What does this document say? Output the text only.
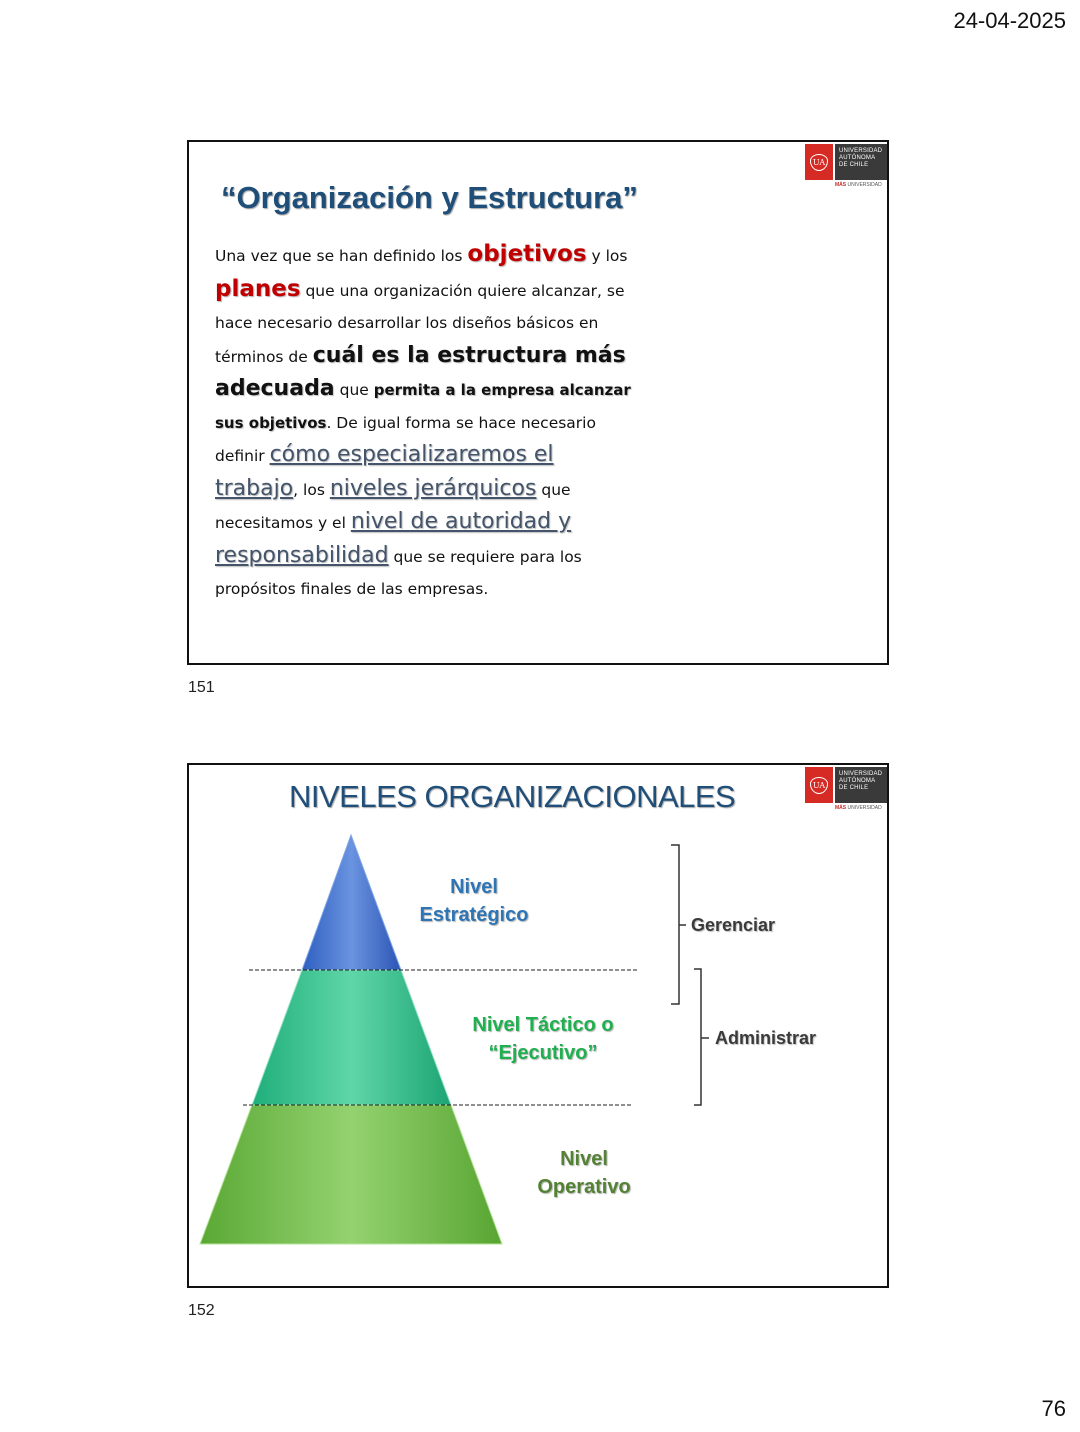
24-04-2025
UA
UNIVERSIDAD
AUTÓNOMA
DE CHILE
MÁS UNIVERSIDAD
“Organización y Estructura”
Una vez que se han definido los objetivos y los planes que una organización quiere alcanzar, se hace necesario desarrollar los diseños básicos en términos de cuál es la estructura más adecuada que permita a la empresa alcanzar sus objetivos. De igual forma se hace necesario definir cómo especializaremos el trabajo, los niveles jerárquicos que necesitamos y el nivel de autoridad y responsabilidad que se requiere para los propósitos finales de las empresas.
151
UA
UNIVERSIDAD
AUTÓNOMA
DE CHILE
MÁS UNIVERSIDAD
NIVELES ORGANIZACIONALES
Nivel
Estratégico
Nivel Táctico o
“Ejecutivo”
Nivel
Operativo
Gerenciar
Administrar
152
76
